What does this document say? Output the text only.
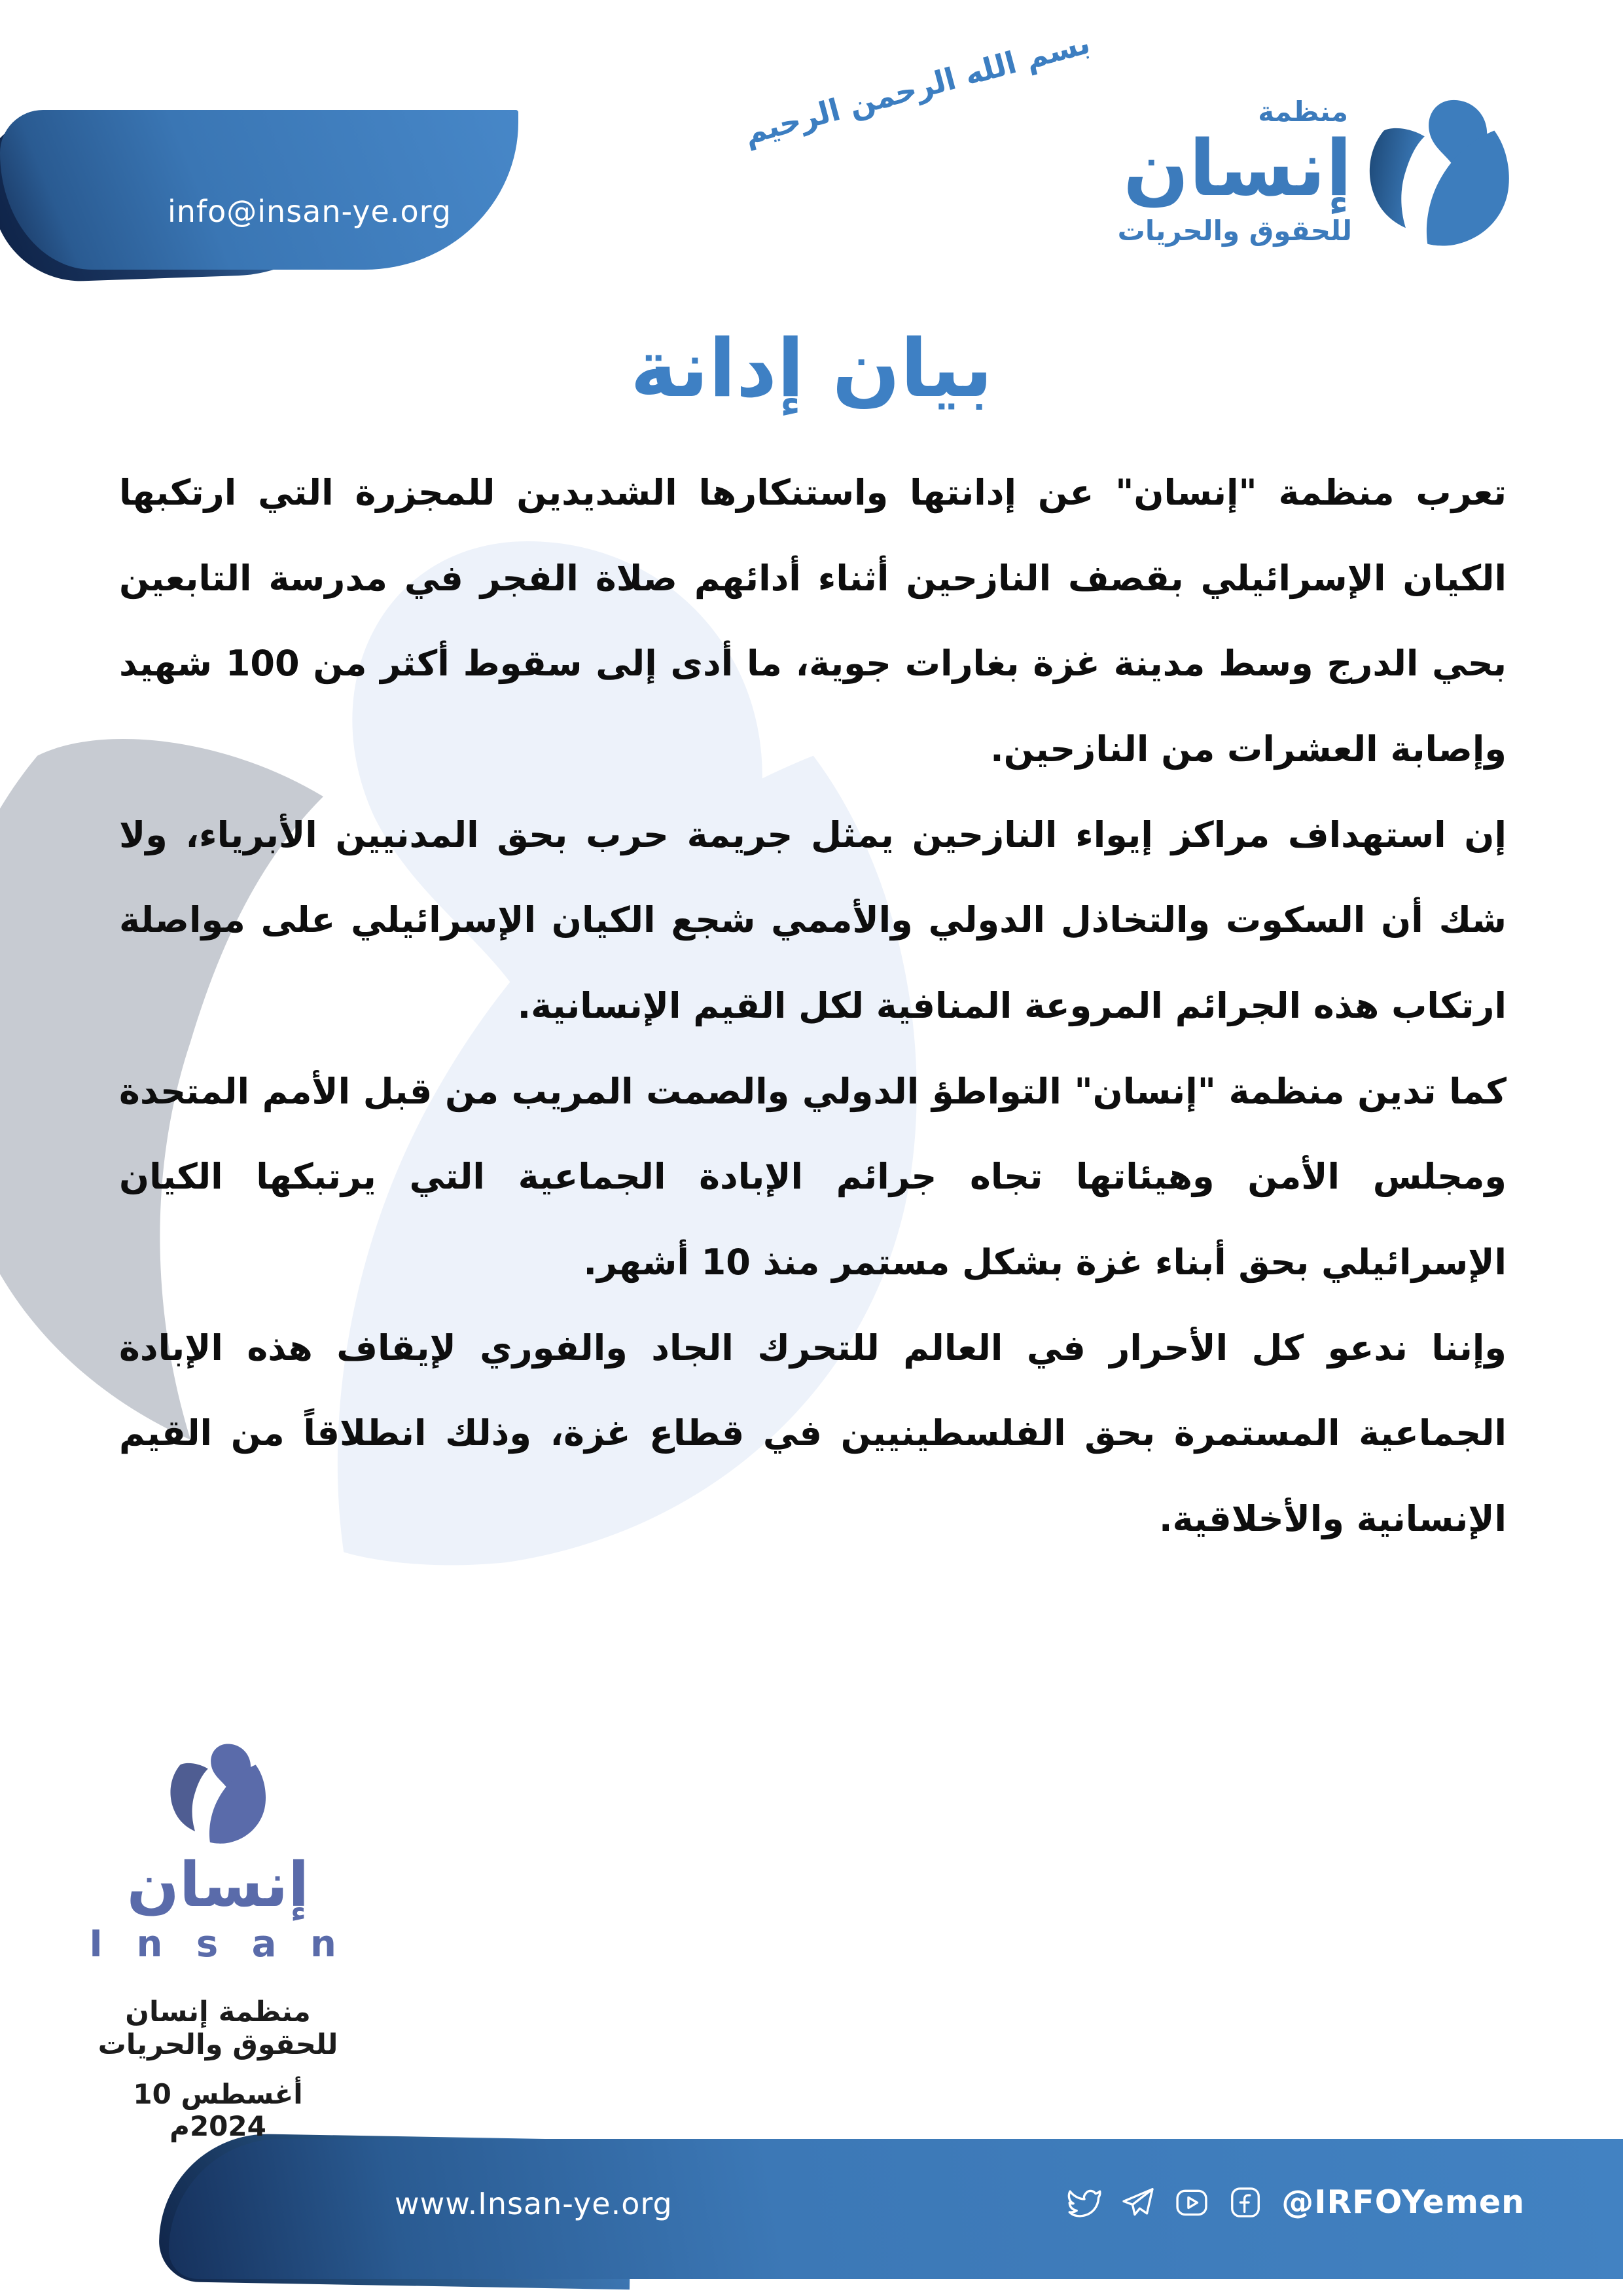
info@insan-ye.org
بسم الله الرحمن الرحيم	منظمة
إنسان
للحقوق والحريات
بيان إدانة

تعرب منظمة "إنسان" عن إدانتها واستنكارها الشديدين للمجزرة التي ارتكبها الكيان الإسرائيلي بقصف النازحين أثناء أدائهم صلاة الفجر في مدرسة التابعين بحي الدرج وسط مدينة غزة بغارات جوية، ما أدى إلى سقوط أكثر من 100 شهيد وإصابة العشرات من النازحين.

إن استهداف مراكز إيواء النازحين يمثل جريمة حرب بحق المدنيين الأبرياء، ولا شك أن السكوت والتخاذل الدولي والأممي شجع الكيان الإسرائيلي على مواصلة ارتكاب هذه الجرائم المروعة المنافية لكل القيم الإنسانية.

كما تدين منظمة "إنسان" التواطؤ الدولي والصمت المريب من قبل الأمم المتحدة ومجلس الأمن وهيئاتها تجاه جرائم الإبادة الجماعية التي يرتبكها الكيان الإسرائيلي بحق أبناء غزة بشكل مستمر منذ 10 أشهر.

وإننا ندعو كل الأحرار في العالم للتحرك الجاد والفوري لإيقاف هذه الإبادة الجماعية المستمرة بحق الفلسطينيين في قطاع غزة، وذلك انطلاقاً من القيم الإنسانية والأخلاقية.

إنسان
I n s a n
منظمة إنسان للحقوق والحريات
10 أغسطس 2024م
www.Insan-ye.org	@IRFOYemen
